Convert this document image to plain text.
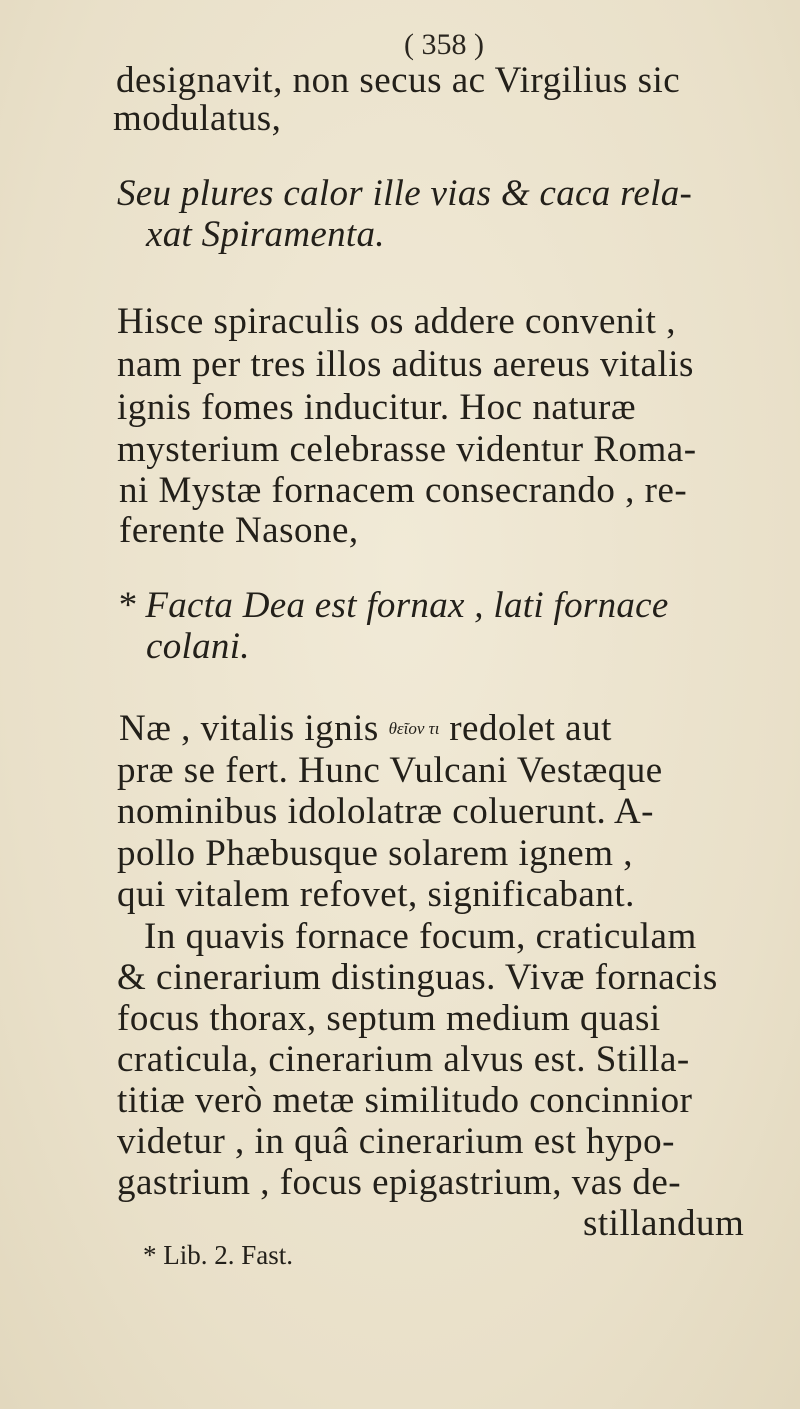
( 358 )
designavit, non secus ac Virgilius sic
modulatus,
Seu plures calor ille vias & caca rela-
xat Spiramenta.
Hisce spiraculis os addere convenit ,
nam per tres illos aditus aereus vitalis
ignis fomes inducitur. Hoc naturæ
mysterium celebrasse videntur Roma-
ni Mystæ fornacem consecrando , re-
ferente Nasone,
* Facta Dea est fornax , lati fornace
colani.
Næ , vitalis ignis θεῖον τι redolet aut
præ se fert. Hunc Vulcani Vestæque
nominibus idololatræ coluerunt. A-
pollo Phæbusque solarem ignem ,
qui vitalem refovet, significabant.
In quavis fornace focum, craticulam
& cinerarium distinguas. Vivæ fornacis
focus thorax, septum medium quasi
craticula, cinerarium alvus est. Stilla-
titiæ verò metæ similitudo concinnior
videtur , in quâ cinerarium est hypo-
gastrium , focus epigastrium, vas de-
stillandum
* Lib. 2. Fast.
